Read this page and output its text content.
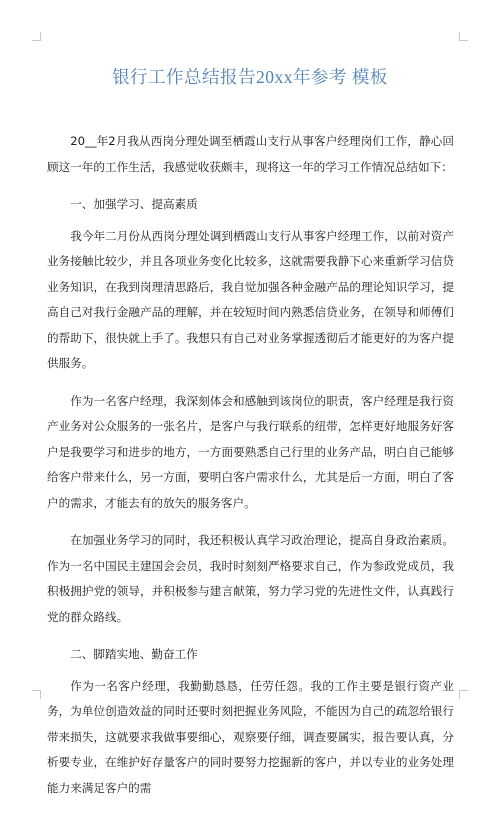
银行工作总结报告20xx年参考 模板

20__年2月我从西岗分理处调至栖霞山支行从事客户经理岗们工作，静心回顾这一年的工作生活，我感觉收获颇丰，现将这一年的学习工作情况总结如下：

一、加强学习、提高素质

我今年二月份从西岗分理处调到栖霞山支行从事客户经理工作，以前对资产业务接触比较少，并且各项业务变化比较多，这就需要我静下心来重新学习信贷业务知识，在我到岗理清思路后，我自觉加强各种金融产品的理论知识学习，提高自己对我行金融产品的理解，并在较短时间内熟悉信贷业务，在领导和师傅们的帮助下，很快就上手了。我想只有自己对业务掌握透彻后才能更好的为客户提供服务。

作为一名客户经理，我深刻体会和感触到该岗位的职责，客户经理是我行资产业务对公众服务的一张名片，是客户与我行联系的纽带，怎样更好地服务好客户是我要学习和进步的地方，一方面要熟悉自己行里的业务产品，明白自己能够给客户带来什么，另一方面，要明白客户需求什么，尤其是后一方面，明白了客户的需求，才能去有的放矢的服务客户。

在加强业务学习的同时，我还积极认真学习政治理论，提高自身政治素质。作为一名中国民主建国会会员，我时时刻刻严格要求自己，作为参政党成员，我积极拥护党的领导，并积极参与建言献策，努力学习党的先进性文件，认真践行党的群众路线。

二、脚踏实地、勤奋工作

作为一名客户经理，我勤勤恳恳，任劳任怨。我的工作主要是银行资产业务，为单位创造效益的同时还要时刻把握业务风险，不能因为自己的疏忽给银行带来损失，这就要求我做事要细心，观察要仔细，调查要属实，报告要认真，分析要专业，在维护好存量客户的同时要努力挖掘新的客户，并以专业的业务处理能力来满足客户的需
